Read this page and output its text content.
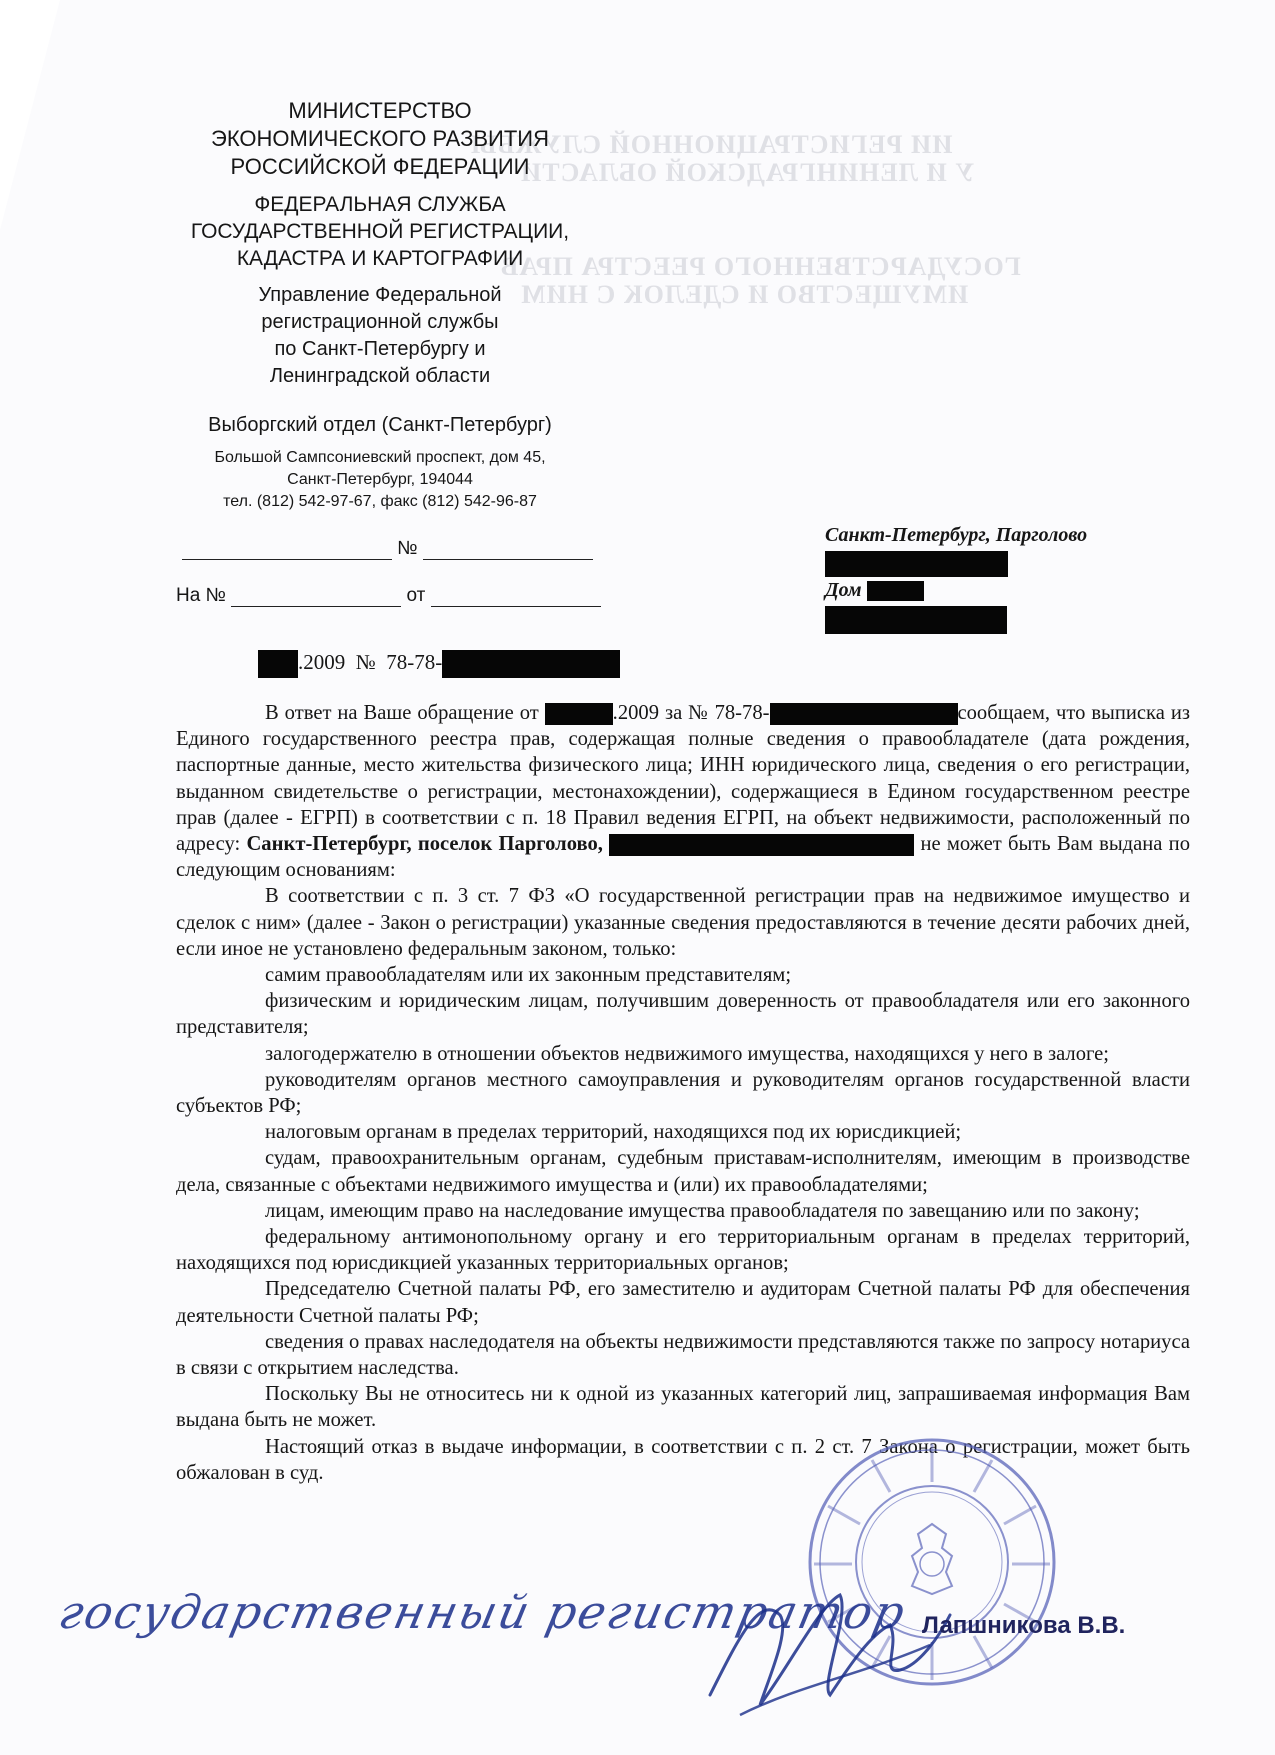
ИИ РЕГИСТРАЦИОННОЙ СЛУЖБЫ
У И ЛЕНИНГРАДСКОЙ ОБЛАСТИ
ГОСУДАРСТВЕННОГО РЕЕСТРА ПРАВ
ИМУЩЕСТВО И СДЕЛОК С НИМ
МИНИСТЕРСТВО
ЭКОНОМИЧЕСКОГО РАЗВИТИЯ
РОССИЙСКОЙ ФЕДЕРАЦИИ
ФЕДЕРАЛЬНАЯ СЛУЖБА
ГОСУДАРСТВЕННОЙ РЕГИСТРАЦИИ,
КАДАСТРА И КАРТОГРАФИИ
Управление Федеральной
регистрационной службы
по Санкт-Петербургу и
Ленинградской области
Выборгский отдел (Санкт-Петербург)
Большой Сампсониевский проспект, дом 45,
Санкт-Петербург, 194044
тел. (812) 542-97-67, факс (812) 542-96-87
№
На №	от
Санкт-Петербург, Парголово
Дом
.2009 № 78-78-

В ответ на Ваше обращение от	.2009 за № 78-78-	сообщаем, что выписка из Единого государственного реестра прав, содержащая полные сведения о правообладателе (дата рождения, паспортные данные, место жительства физического лица; ИНН юридического лица, сведения о его регистрации, выданном свидетельстве о регистрации, местонахождении), содержащиеся в Едином государственном реестре прав (далее - ЕГРП) в соответствии с п. 18 Правил ведения ЕГРП, на объект недвижимости, расположенный по адресу: Санкт-Петербург, поселок Парголово,	не может быть Вам выдана по следующим основаниям:

В соответствии с п. 3 ст. 7 ФЗ «О государственной регистрации прав на недвижимое имущество и сделок с ним» (далее - Закон о регистрации) указанные сведения предоставляются в течение десяти рабочих дней, если иное не установлено федеральным законом, только:

самим правообладателям или их законным представителям;

физическим и юридическим лицам, получившим доверенность от правообладателя или его законного представителя;

залогодержателю в отношении объектов недвижимого имущества, находящихся у него в залоге;

руководителям органов местного самоуправления и руководителям органов государственной власти субъектов РФ;

налоговым органам в пределах территорий, находящихся под их юрисдикцией;

судам, правоохранительным органам, судебным приставам-исполнителям, имеющим в производстве дела, связанные с объектами недвижимого имущества и (или) их правообладателями;

лицам, имеющим право на наследование имущества правообладателя по завещанию или по закону;

федеральному антимонопольному органу и его территориальным органам в пределах территорий, находящихся под юрисдикцией указанных территориальных органов;

Председателю Счетной палаты РФ, его заместителю и аудиторам Счетной палаты РФ для обеспечения деятельности Счетной палаты РФ;

сведения о правах наследодателя на объекты недвижимости представляются также по запросу нотариуса в связи с открытием наследства.

Поскольку Вы не относитесь ни к одной из указанных категорий лиц, запрашиваемая информация Вам выдана быть не может.

Настоящий отказ в выдаче информации, в соответствии с п. 2 ст. 7 Закона о регистрации, может быть обжалован в суд.

государственный регистратор Лапшникова В.В.
